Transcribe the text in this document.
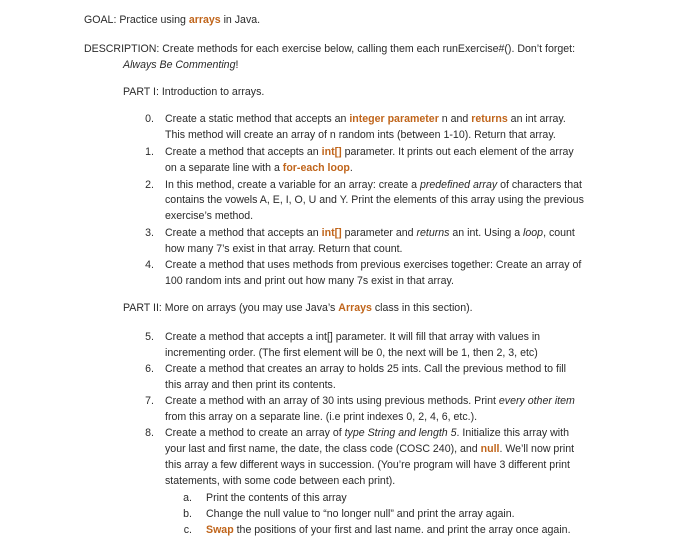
GOAL: Practice using arrays in Java.
DESCRIPTION: Create methods for each exercise below, calling them each runExercise#(). Don’t forget:
Always Be Commenting!
PART I: Introduction to arrays.
0. Create a static method that accepts an integer parameter n and returns an int array.
This method will create an array of n random ints (between 1-10). Return that array.
1. Create a method that accepts an int[] parameter. It prints out each element of the array
on a separate line with a for-each loop.
2. In this method, create a variable for an array: create a predefined array of characters that
contains the vowels A, E, I, O, U and Y. Print the elements of this array using the previous
exercise’s method.
3. Create a method that accepts an int[] parameter and returns an int. Using a loop, count
how many 7’s exist in that array. Return that count.
4. Create a method that uses methods from previous exercises together: Create an array of
100 random ints and print out how many 7s exist in that array.
PART II: More on arrays (you may use Java’s Arrays class in this section).
5. Create a method that accepts a int[] parameter. It will fill that array with values in
incrementing order. (The first element will be 0, the next will be 1, then 2, 3, etc)
6. Create a method that creates an array to holds 25 ints. Call the previous method to fill
this array and then print its contents.
7. Create a method with an array of 30 ints using previous methods. Print every other item
from this array on a separate line. (i.e print indexes 0, 2, 4, 6, etc.).
8. Create a method to create an array of type String and length 5. Initialize this array with
your last and first name, the date, the class code (COSC 240), and null. We’ll now print
this array a few different ways in succession. (You’re program will have 3 different print
statements, with some code between each print).
a. Print the contents of this array
b. Change the null value to “no longer null” and print the array again.
c. Swap the positions of your first and last name. and print the array once again.
